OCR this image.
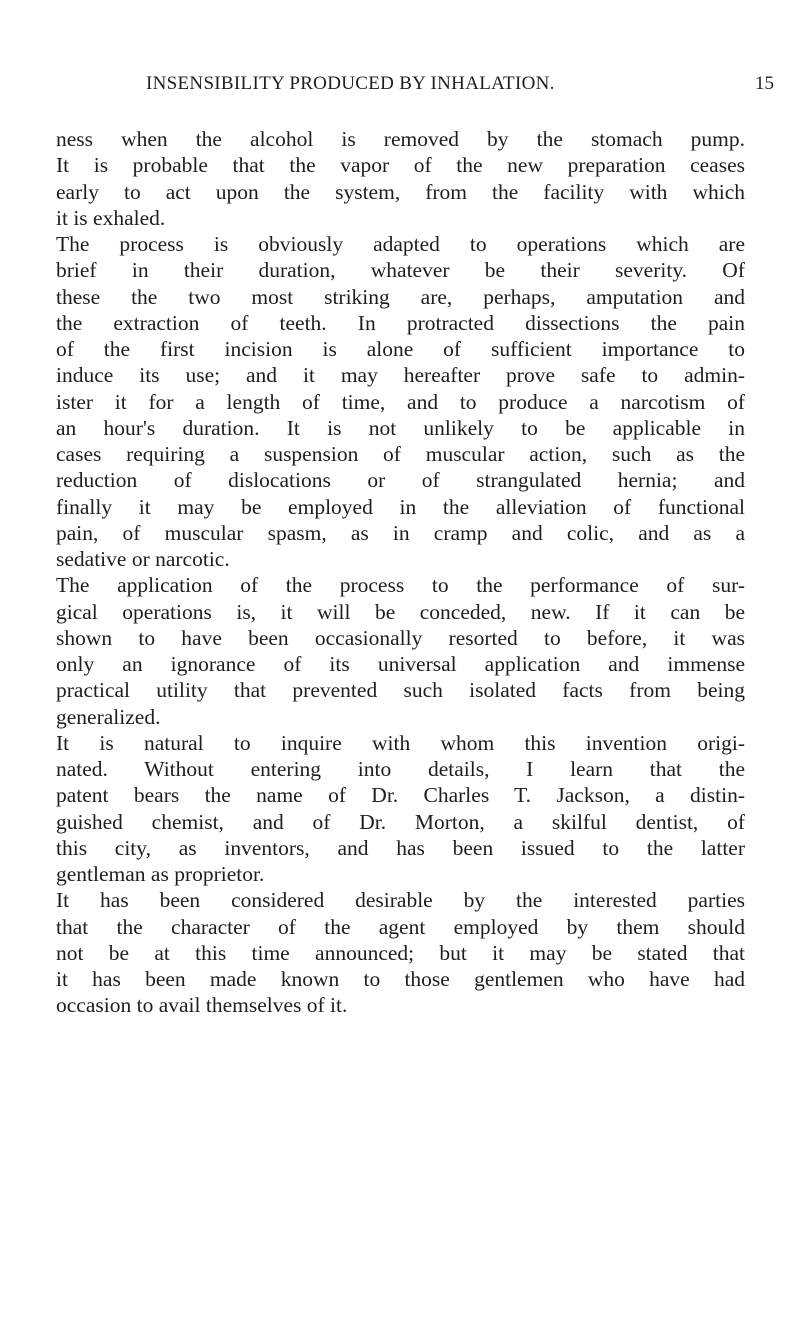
INSENSIBILITY PRODUCED BY INHALATION.	15
ness when the alcohol is removed by the stomach pump.
It is probable that the vapor of the new preparation ceases
early to act upon the system, from the facility with which
it is exhaled.
The process is obviously adapted to operations which are
brief in their duration, whatever be their severity. Of
these the two most striking are, perhaps, amputation and
the extraction of teeth. In protracted dissections the pain
of the first incision is alone of sufficient importance to
induce its use; and it may hereafter prove safe to admin-
ister it for a length of time, and to produce a narcotism of
an hour's duration. It is not unlikely to be applicable in
cases requiring a suspension of muscular action, such as the
reduction of dislocations or of strangulated hernia; and
finally it may be employed in the alleviation of functional
pain, of muscular spasm, as in cramp and colic, and as a
sedative or narcotic.
The application of the process to the performance of sur-
gical operations is, it will be conceded, new. If it can be
shown to have been occasionally resorted to before, it was
only an ignorance of its universal application and immense
practical utility that prevented such isolated facts from being
generalized.
It is natural to inquire with whom this invention origi-
nated. Without entering into details, I learn that the
patent bears the name of Dr. Charles T. Jackson, a distin-
guished chemist, and of Dr. Morton, a skilful dentist, of
this city, as inventors, and has been issued to the latter
gentleman as proprietor.
It has been considered desirable by the interested parties
that the character of the agent employed by them should
not be at this time announced; but it may be stated that
it has been made known to those gentlemen who have had
occasion to avail themselves of it.
